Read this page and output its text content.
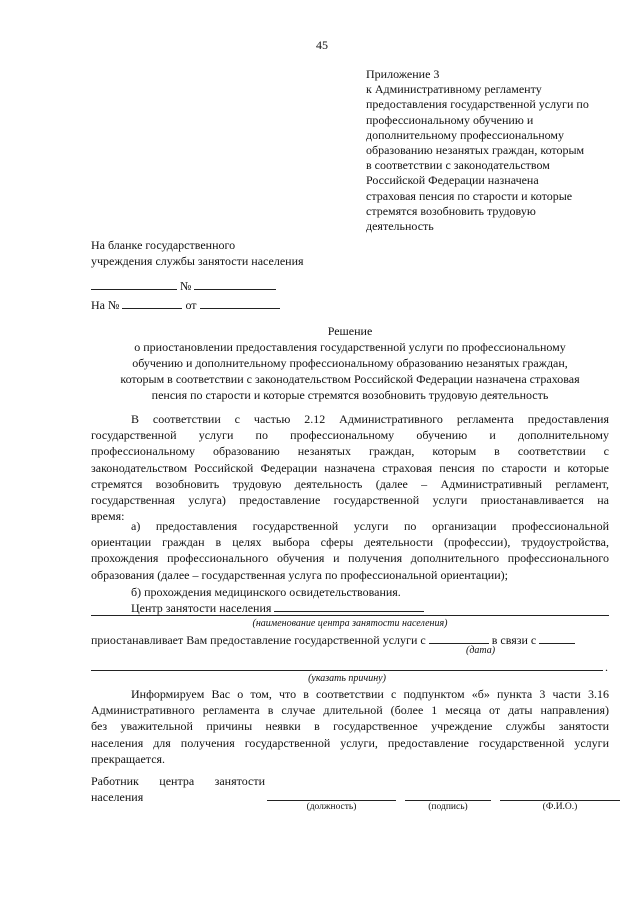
45
Приложение 3
к Административному регламенту
предоставления государственной услуги по
профессиональному обучению и
дополнительному профессиональному
образованию незанятых граждан, которым
в соответствии с законодательством
Российской Федерации назначена
страховая пенсия по старости и которые
стремятся возобновить трудовую
деятельность
На бланке государственного
учреждения службы занятости населения
№
На №	от
Решение
о приостановлении предоставления государственной услуги по профессиональному
обучению и дополнительному профессиональному образованию незанятых граждан,
которым в соответствии с законодательством Российской Федерации назначена страховая
пенсия по старости и которые стремятся возобновить трудовую деятельность
В соответствии с частью 2.12 Административного регламента предоставления
государственной услуги по профессиональному обучению и дополнительному
профессиональному образованию незанятых граждан, которым в соответствии с
законодательством Российской Федерации назначена страховая пенсия по старости и которые
стремятся возобновить трудовую деятельность (далее – Административный регламент,
государственная услуга) предоставление государственной услуги приостанавливается на
время:
а) предоставления государственной услуги по организации профессиональной
ориентации граждан в целях выбора сферы деятельности (профессии), трудоустройства,
прохождения профессионального обучения и получения дополнительного профессионального
образования (далее – государственная услуга по профессиональной ориентации);
б) прохождения медицинского освидетельствования.
Центр занятости населения
(наименование центра занятости населения)
приостанавливает Вам предоставление государственной услуги с	в связи с
(дата)
.
(указать причину)
Информируем Вас о том, что в соответствии с подпунктом «б» пункта 3 части 3.16
Административного регламента в случае длительной (более 1 месяца от даты направления)
без уважительной причины неявки в государственное учреждение службы занятости
населения для получения государственной услуги, предоставление государственной услуги
прекращается.
Работник центра занятости
населения
(должность)	(подпись)	(Ф.И.О.)
